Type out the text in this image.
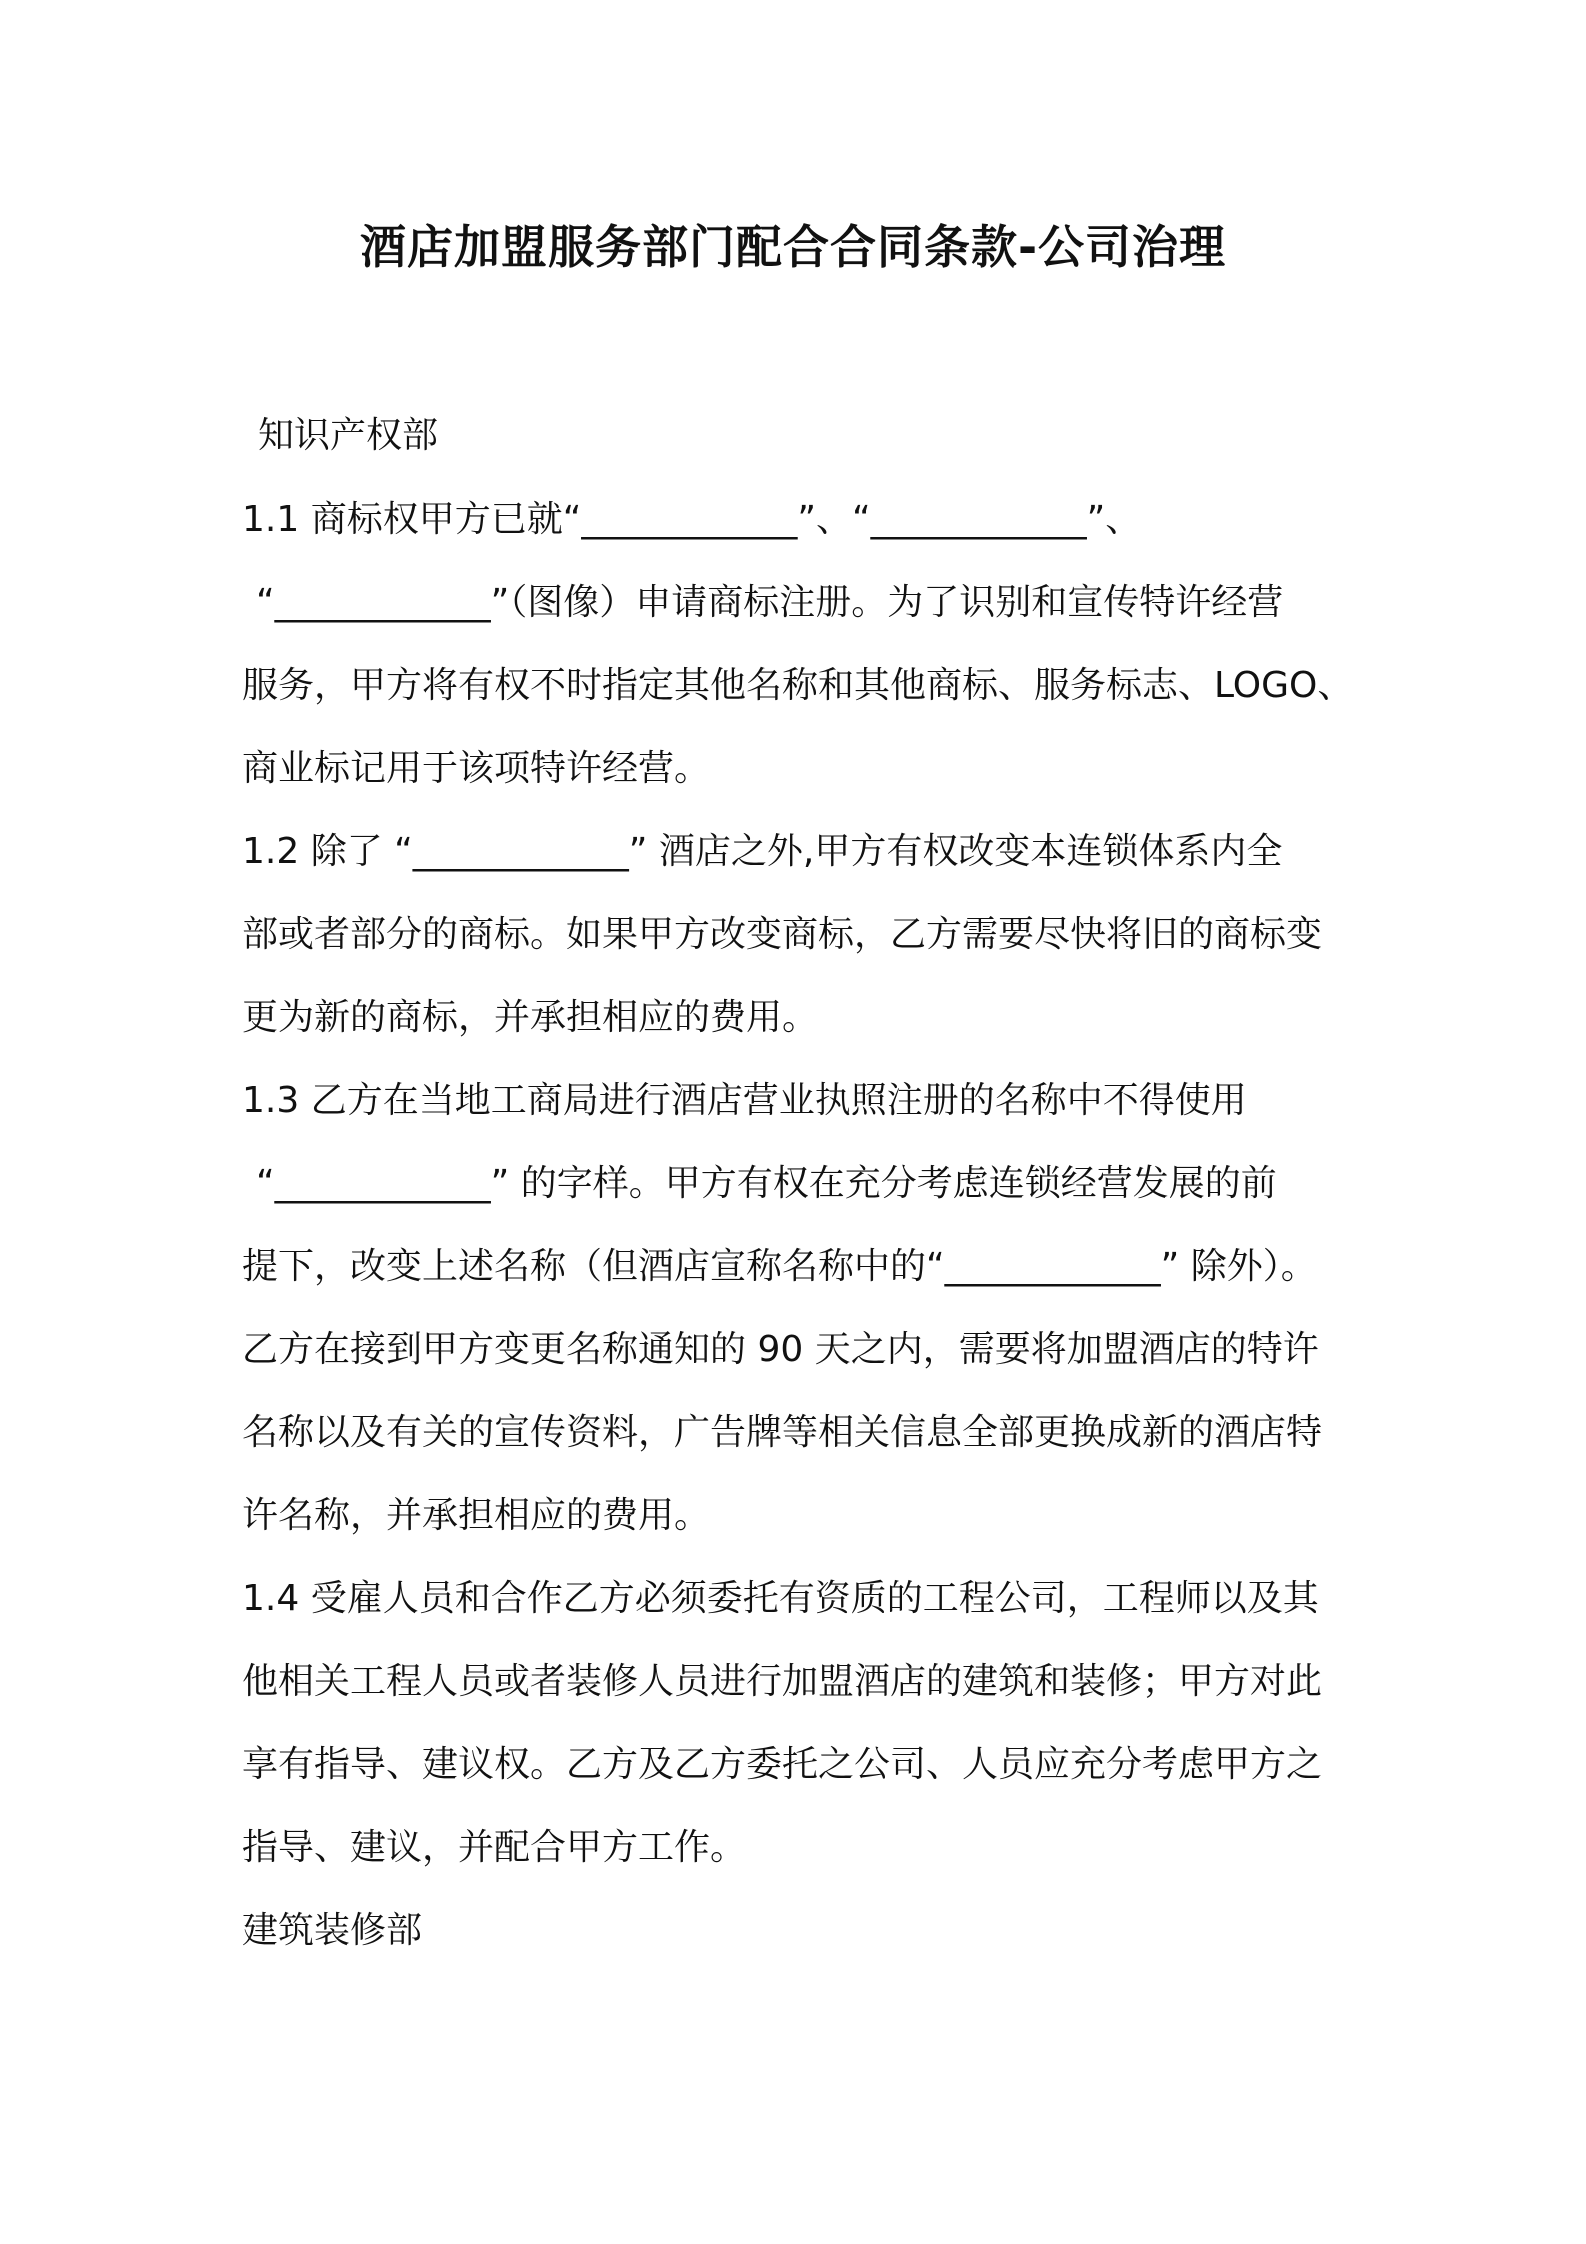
酒店加盟服务部门配合合同条款-公司治理

知识产权部

1.1 商标权甲方已就“____________”、“____________”、

“____________”（图像）申请商标注册。为了识别和宣传特许经营

服务，甲方将有权不时指定其他名称和其他商标、服务标志、LOGO、

商业标记用于该项特许经营。

1.2 除了 “____________” 酒店之外,甲方有权改变本连锁体系内全

部或者部分的商标。如果甲方改变商标，乙方需要尽快将旧的商标变

更为新的商标，并承担相应的费用。

1.3 乙方在当地工商局进行酒店营业执照注册的名称中不得使用

“____________” 的字样。甲方有权在充分考虑连锁经营发展的前

提下，改变上述名称（但酒店宣称名称中的“____________” 除外）。

乙方在接到甲方变更名称通知的 90 天之内，需要将加盟酒店的特许

名称以及有关的宣传资料，广告牌等相关信息全部更换成新的酒店特

许名称，并承担相应的费用。

1.4 受雇人员和合作乙方必须委托有资质的工程公司，工程师以及其

他相关工程人员或者装修人员进行加盟酒店的建筑和装修；甲方对此

享有指导、建议权。乙方及乙方委托之公司、人员应充分考虑甲方之

指导、建议，并配合甲方工作。

建筑装修部
